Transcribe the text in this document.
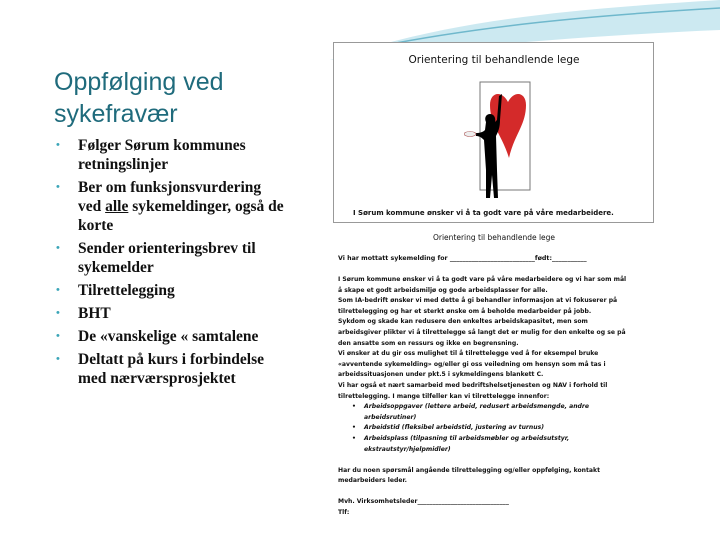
Oppfølging ved sykefravær
• Følger Sørum kommunes retningslinjer
• Ber om funksjonsvurdering ved alle sykemeldinger, også de korte
• Sender orienteringsbrev til sykemelder
• Tilrettelegging
• BHT
• De «vanskelige « samtalene
• Deltatt på kurs i forbindelse med nærværsprosjektet
Orientering til behandlende lege
I Sørum kommune ønsker vi å ta godt vare på våre medarbeidere.
Orientering til behandlende lege
Vi har mottatt sykemelding for ___________________________født:___________
I Sørum kommune ønsker vi å ta godt vare på våre medarbeidere og vi har som mål
å skape et godt arbeidsmiljø og gode arbeidsplasser for alle.
Som IA-bedrift ønsker vi med dette å gi behandler informasjon at vi fokuserer på
tilrettelegging og har et sterkt ønske om å beholde medarbeider på jobb.
Sykdom og skade kan redusere den enkeltes arbeidskapasitet, men som
arbeidsgiver plikter vi å tilrettelegge så langt det er mulig for den enkelte og se på
den ansatte som en ressurs og ikke en begrensning.
Vi ønsker at du gir oss mulighet til å tilrettelegge ved å for eksempel bruke
«avventende sykemelding» og/eller gi oss veiledning om hensyn som må tas i
arbeidssituasjonen under pkt.5 i sykmeldingens blankett C.
Vi har også et nært samarbeid med bedriftshelsetjenesten og NAV i forhold til
tilrettelegging. I mange tilfeller kan vi tilrettelegge innenfor:
• Arbeidsoppgaver (lettere arbeid, redusert arbeidsmengde, andre
arbeidsrutiner)
• Arbeidstid (fleksibel arbeidstid, justering av turnus)
• Arbeidsplass (tilpasning til arbeidsmøbler og arbeidsutstyr,
ekstrautstyr/hjelpmidler)
Har du noen spørsmål angående tilrettelegging og/eller oppfølging, kontakt
medarbeiders leder.
Mvh. Virksomhetsleder______________________________
Tlf:
